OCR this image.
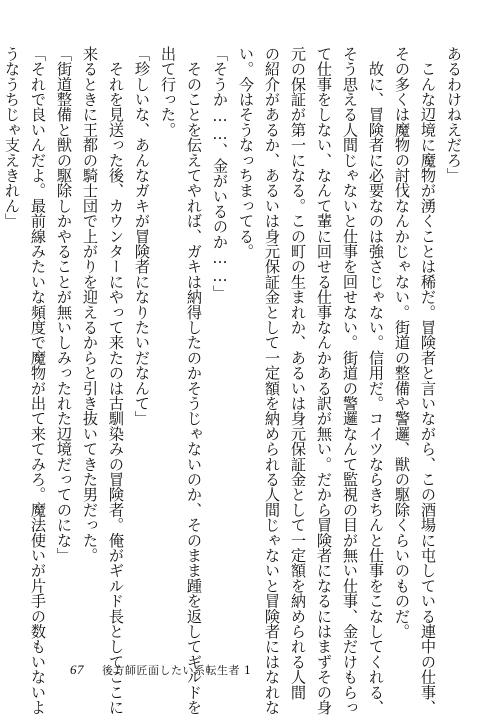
あるわけねえだろ」
　こんな辺境に魔物が湧くことは稀だ。冒険者と言いながら、この酒場に屯している連中の仕事、
その多くは魔物の討伐なんかじゃない。街道の整備や警邏、獣の駆除くらいのものだ。
　故に、冒険者に必要なのは強さじゃない。信用だ。コイツならきちんと仕事をこなしてくれる、
そう思える人間じゃないと仕事を回せない。街道の警邏なんて監視の目が無い仕事、金だけもらっ
て仕事をしない、なんて輩に回せる仕事なんかある訳が無い。だから冒険者になるにはまずその身
元の保証が第一になる。この町の生まれか、あるいは身元保証金として一定額を納められる人間
の紹介があるか、あるいは身元保証金として一定額を納められる人間じゃないと冒険者にはなれな
い。今はそうなっちまってる。
「そうか……、金がいるのか……」
　そのことを伝えてやれば、ガキは納得したのかそうじゃないのか、そのまま踵を返してギルドを
出て行った。
「珍しいな、あんなガキが冒険者になりたいだなんて」
　それを見送った後、カウンターにやって来たのは古馴染みの冒険者。俺がギルド長としてここに
来るときに王都の騎士団で上がりを迎えるからと引き抜いてきた男だった。
「街道整備と獣の駆除しかやることが無いしみったれた辺境だってのにな」
「それで良いんだよ。最前線みたいな頻度で魔物が出て来てみろ。魔法使いが片手の数もいないよ
うなうちじゃ支えきれん」
67 後方師匠面したい系転生者 1
